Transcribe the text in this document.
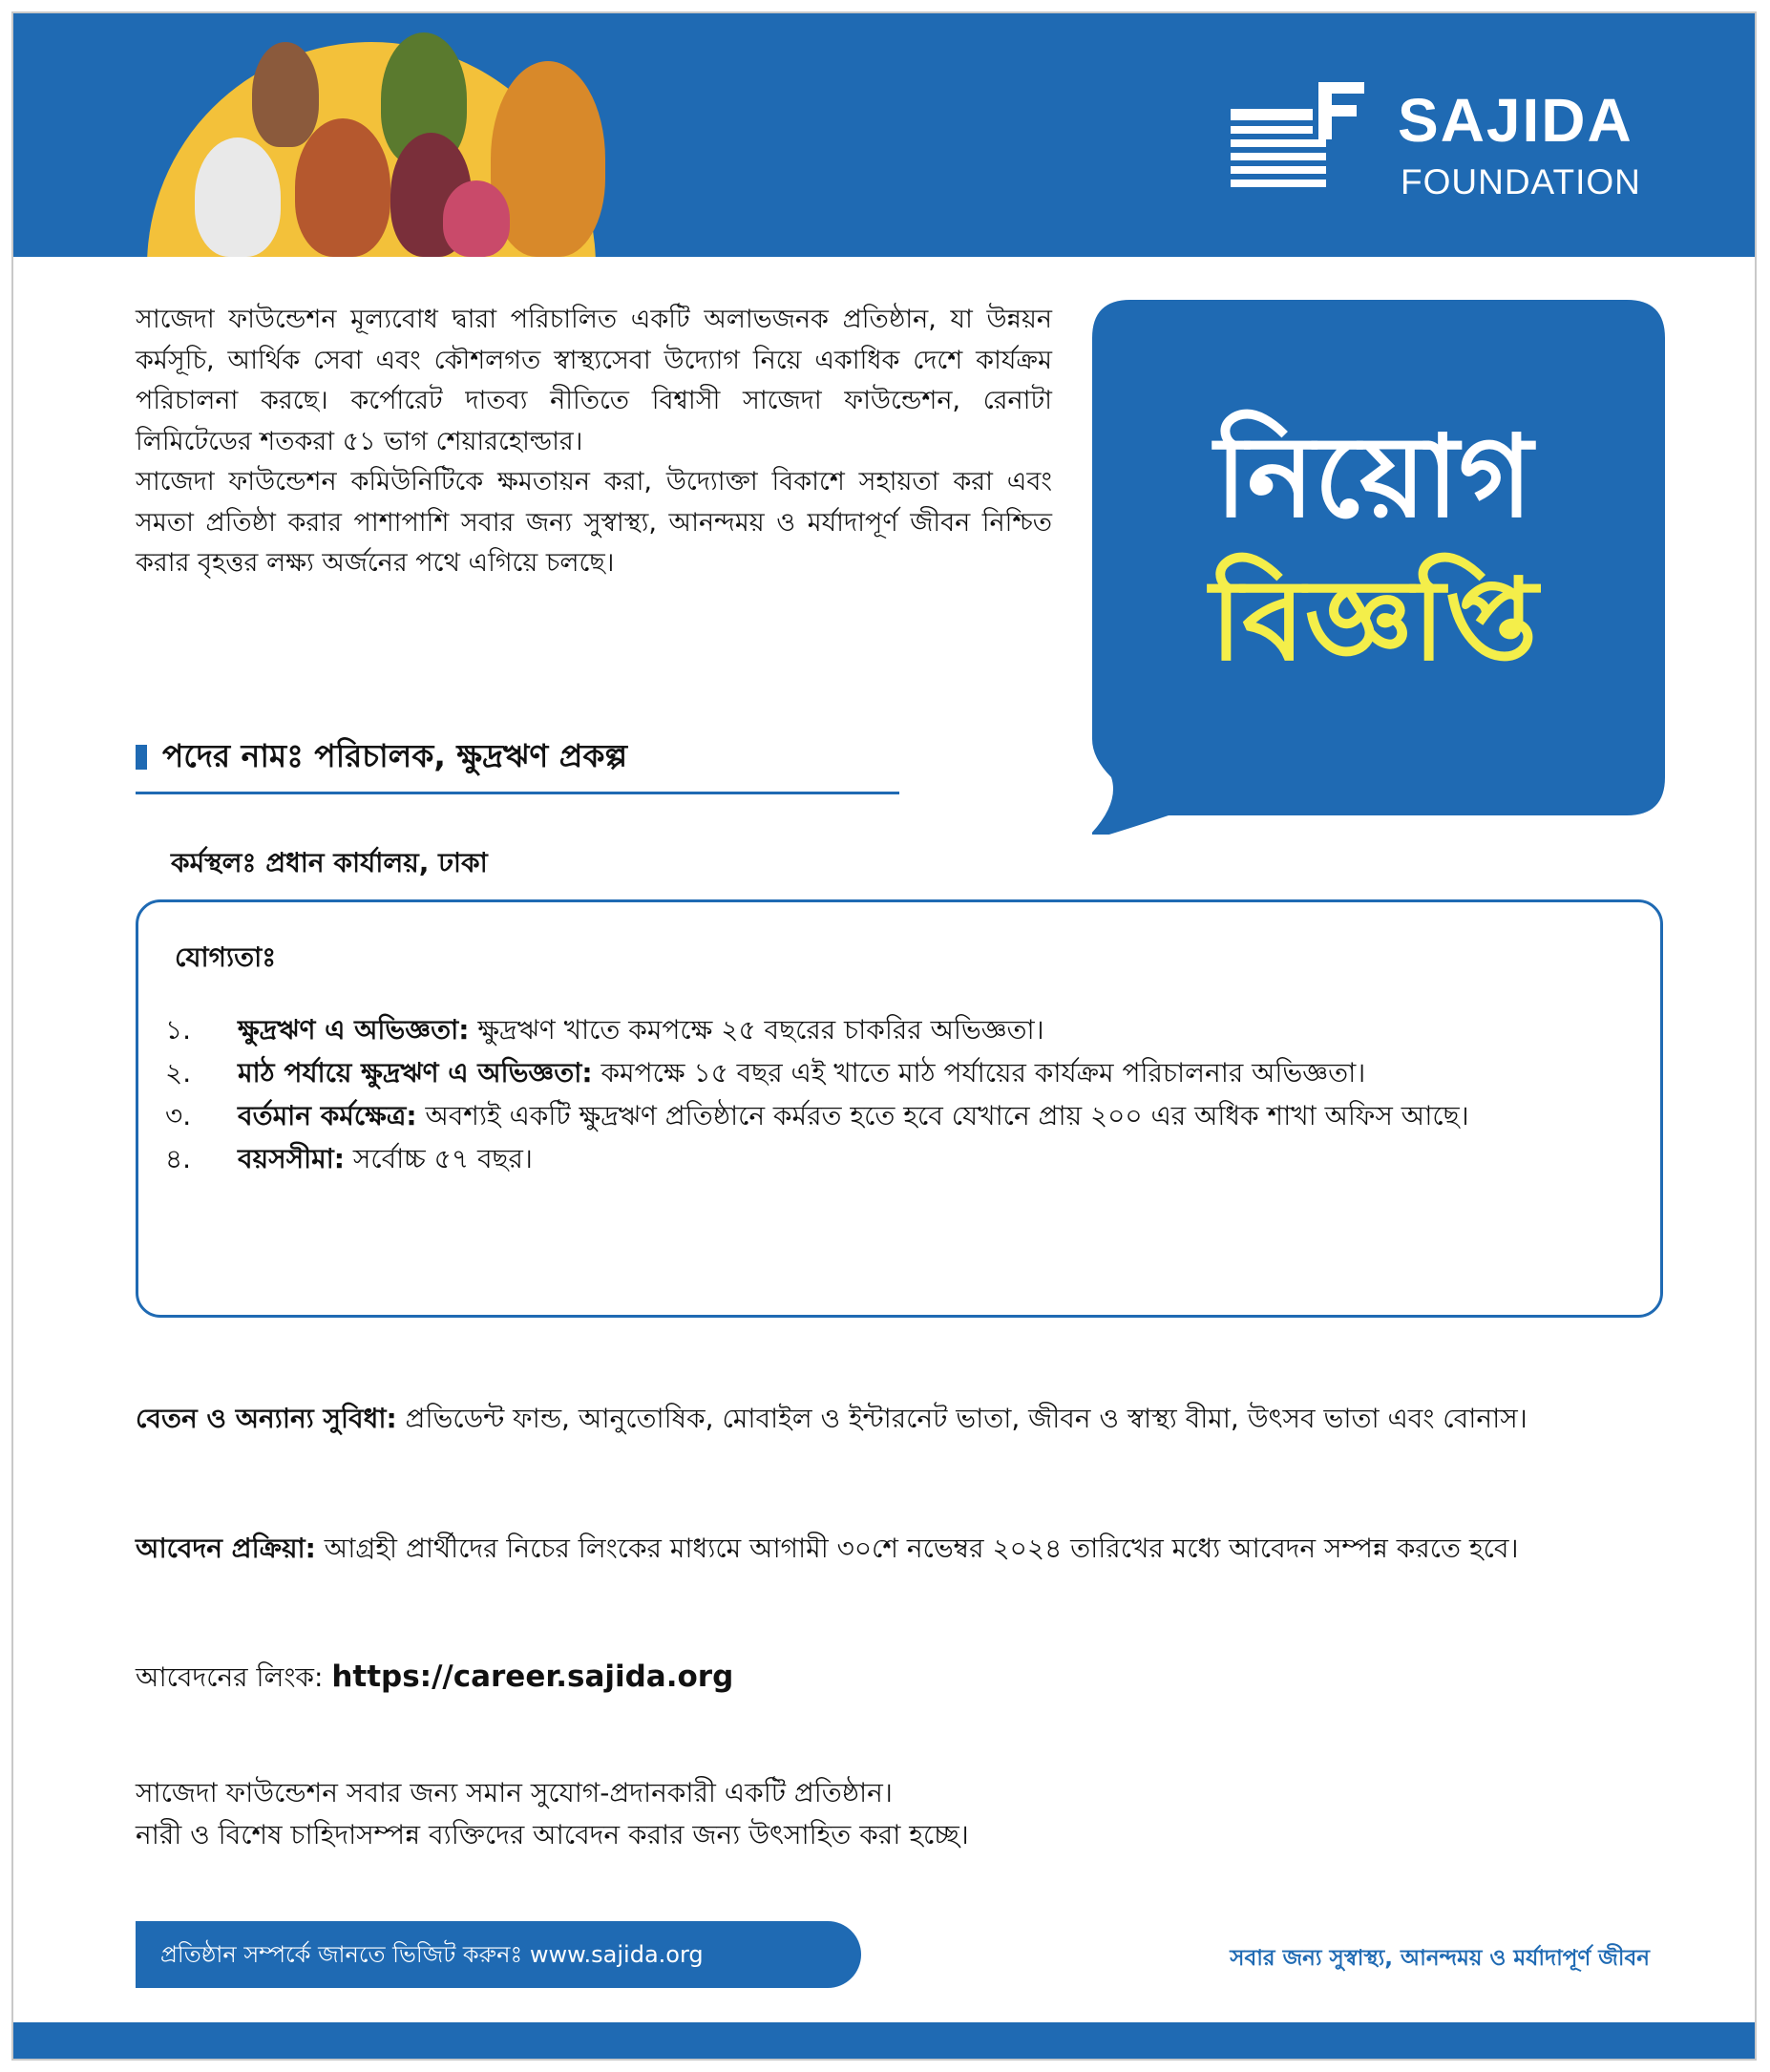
SAJIDA
FOUNDATION

সাজেদা ফাউন্ডেশন মূল্যবোধ দ্বারা পরিচালিত একটি অলাভজনক প্রতিষ্ঠান, যা উন্নয়ন কর্মসূচি, আর্থিক সেবা এবং কৌশলগত স্বাস্থ্যসেবা উদ্যোগ নিয়ে একাধিক দেশে কার্যক্রম পরিচালনা করছে। কর্পোরেট দাতব্য নীতিতে বিশ্বাসী সাজেদা ফাউন্ডেশন, রেনাটা লিমিটেডের শতকরা ৫১ ভাগ শেয়ারহোল্ডার।

সাজেদা ফাউন্ডেশন কমিউনিটিকে ক্ষমতায়ন করা, উদ্যোক্তা বিকাশে সহায়তা করা এবং সমতা প্রতিষ্ঠা করার পাশাপাশি সবার জন্য সুস্বাস্থ্য, আনন্দময় ও মর্যাদাপূর্ণ জীবন নিশ্চিত করার বৃহত্তর লক্ষ্য অর্জনের পথে এগিয়ে চলছে।

নিয়োগ
বিজ্ঞপ্তি
পদের নামঃ পরিচালক, ক্ষুদ্রঋণ প্রকল্প
কর্মস্থলঃ প্রধান কার্যালয়, ঢাকা
যোগ্যতাঃ
১.	ক্ষুদ্রঋণ এ অভিজ্ঞতা: ক্ষুদ্রঋণ খাতে কমপক্ষে ২৫ বছরের চাকরির অভিজ্ঞতা।
২.	মাঠ পর্যায়ে ক্ষুদ্রঋণ এ অভিজ্ঞতা: কমপক্ষে ১৫ বছর এই খাতে মাঠ পর্যায়ের কার্যক্রম পরিচালনার অভিজ্ঞতা।
৩.	বর্তমান কর্মক্ষেত্র: অবশ্যই একটি ক্ষুদ্রঋণ প্রতিষ্ঠানে কর্মরত হতে হবে যেখানে প্রায় ২০০ এর অধিক শাখা অফিস আছে।
৪.	বয়সসীমা: সর্বোচ্চ ৫৭ বছর।
বেতন ও অন্যান্য সুবিধা: প্রভিডেন্ট ফান্ড, আনুতোষিক, মোবাইল ও ইন্টারনেট ভাতা, জীবন ও স্বাস্থ্য বীমা, উৎসব ভাতা এবং বোনাস।
আবেদন প্রক্রিয়া: আগ্রহী প্রার্থীদের নিচের লিংকের মাধ্যমে আগামী ৩০শে নভেম্বর ২০২৪ তারিখের মধ্যে আবেদন সম্পন্ন করতে হবে।
আবেদনের লিংক: https://career.sajida.org

সাজেদা ফাউন্ডেশন সবার জন্য সমান সুযোগ-প্রদানকারী একটি প্রতিষ্ঠান।

নারী ও বিশেষ চাহিদাসম্পন্ন ব্যক্তিদের আবেদন করার জন্য উৎসাহিত করা হচ্ছে।

প্রতিষ্ঠান সম্পর্কে জানতে ভিজিট করুনঃ www.sajida.org	সবার জন্য সুস্বাস্থ্য, আনন্দময় ও মর্যাদাপূর্ণ জীবন
